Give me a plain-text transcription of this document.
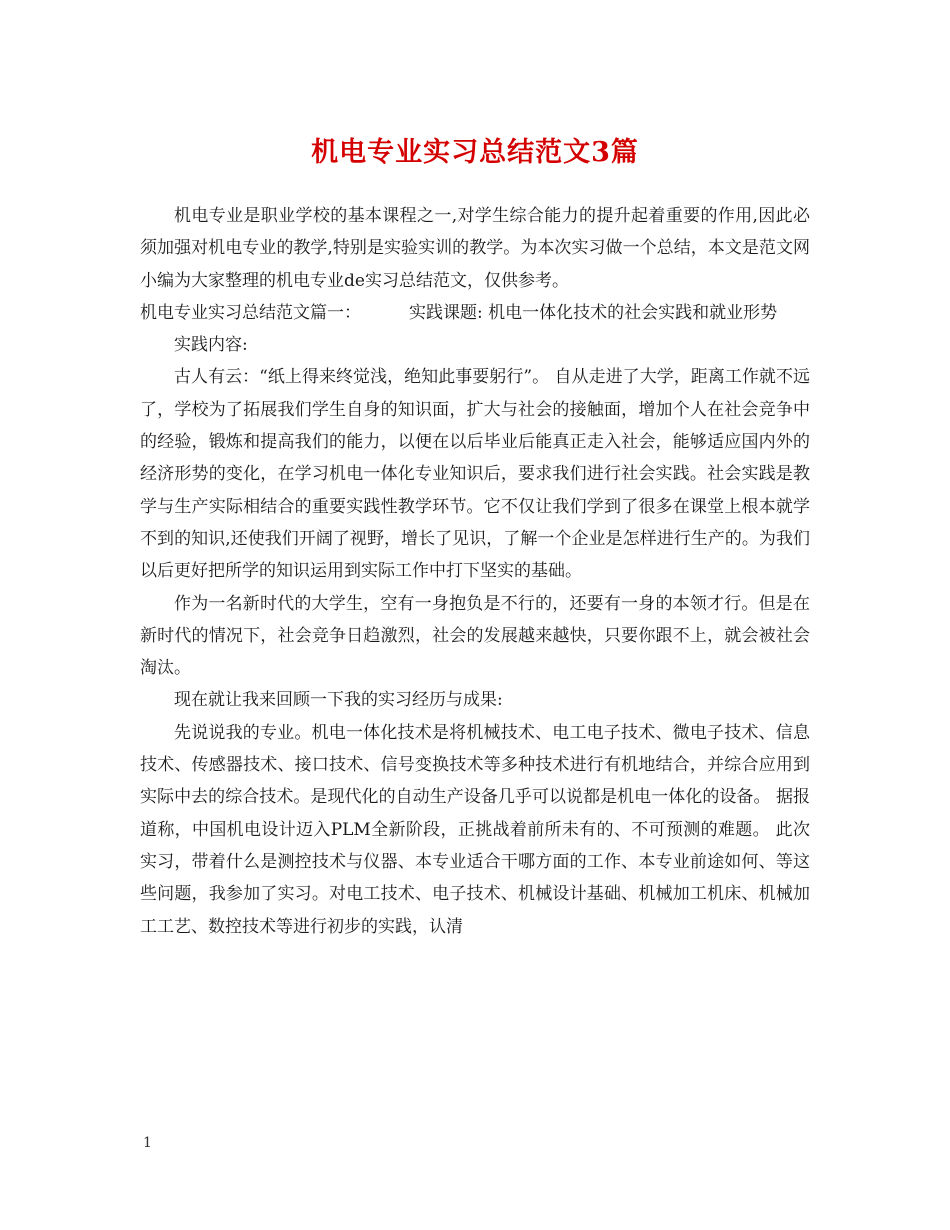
机电专业实习总结范文3篇

机电专业是职业学校的基本课程之一,对学生综合能力的提升起着重要的作用,因此必须加强对机电专业的教学,特别是实验实训的教学。为本次实习做一个总结，本文是范文网小编为大家整理的机电专业de实习总结范文，仅供参考。

机电专业实习总结范文篇一：	实践课题: 机电一体化技术的社会实践和就业形势

实践内容:

古人有云：“纸上得来终觉浅，绝知此事要躬行”。 自从走进了大学，距离工作就不远了，学校为了拓展我们学生自身的知识面，扩大与社会的接触面，增加个人在社会竞争中的经验，锻炼和提高我们的能力，以便在以后毕业后能真正走入社会，能够适应国内外的经济形势的变化，在学习机电一体化专业知识后，要求我们进行社会实践。社会实践是教学与生产实际相结合的重要实践性教学环节。它不仅让我们学到了很多在课堂上根本就学不到的知识,还使我们开阔了视野，增长了见识，了解一个企业是怎样进行生产的。为我们以后更好把所学的知识运用到实际工作中打下坚实的基础。

作为一名新时代的大学生，空有一身抱负是不行的，还要有一身的本领才行。但是在新时代的情况下，社会竞争日趋激烈，社会的发展越来越快，只要你跟不上，就会被社会淘汰。

现在就让我来回顾一下我的实习经历与成果:

先说说我的专业。机电一体化技术是将机械技术、电工电子技术、微电子技术、信息技术、传感器技术、接口技术、信号变换技术等多种技术进行有机地结合，并综合应用到实际中去的综合技术。是现代化的自动生产设备几乎可以说都是机电一体化的设备。 据报道称，中国机电设计迈入PLM全新阶段，正挑战着前所未有的、不可预测的难题。 此次实习，带着什么是测控技术与仪器、本专业适合干哪方面的工作、本专业前途如何、等这些问题，我参加了实习。对电工技术、电子技术、机械设计基础、机械加工机床、机械加工工艺、数控技术等进行初步的实践，认清

1
